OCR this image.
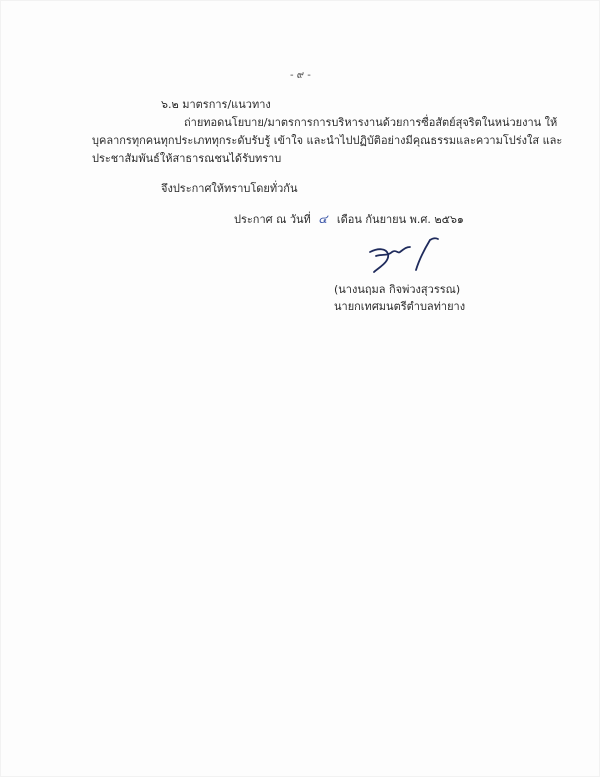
- ๙ -
๖.๒ มาตรการ/แนวทาง
ถ่ายทอดนโยบาย/มาตรการการบริหารงานด้วยการซื่อสัตย์สุจริตในหน่วยงาน ให้
บุคลากรทุกคนทุกประเภททุกระดับรับรู้ เข้าใจ และนำไปปฏิบัติอย่างมีคุณธรรมและความโปร่งใส และ
ประชาสัมพันธ์ให้สาธารณชนได้รับทราบ
จึงประกาศให้ทราบโดยทั่วกัน
ประกาศ ณ วันที่ ๔ เดือน กันยายน พ.ศ. ๒๕๖๑
(นางนฤมล กิจพ่วงสุวรรณ)
นายกเทศมนตรีตำบลท่ายาง
